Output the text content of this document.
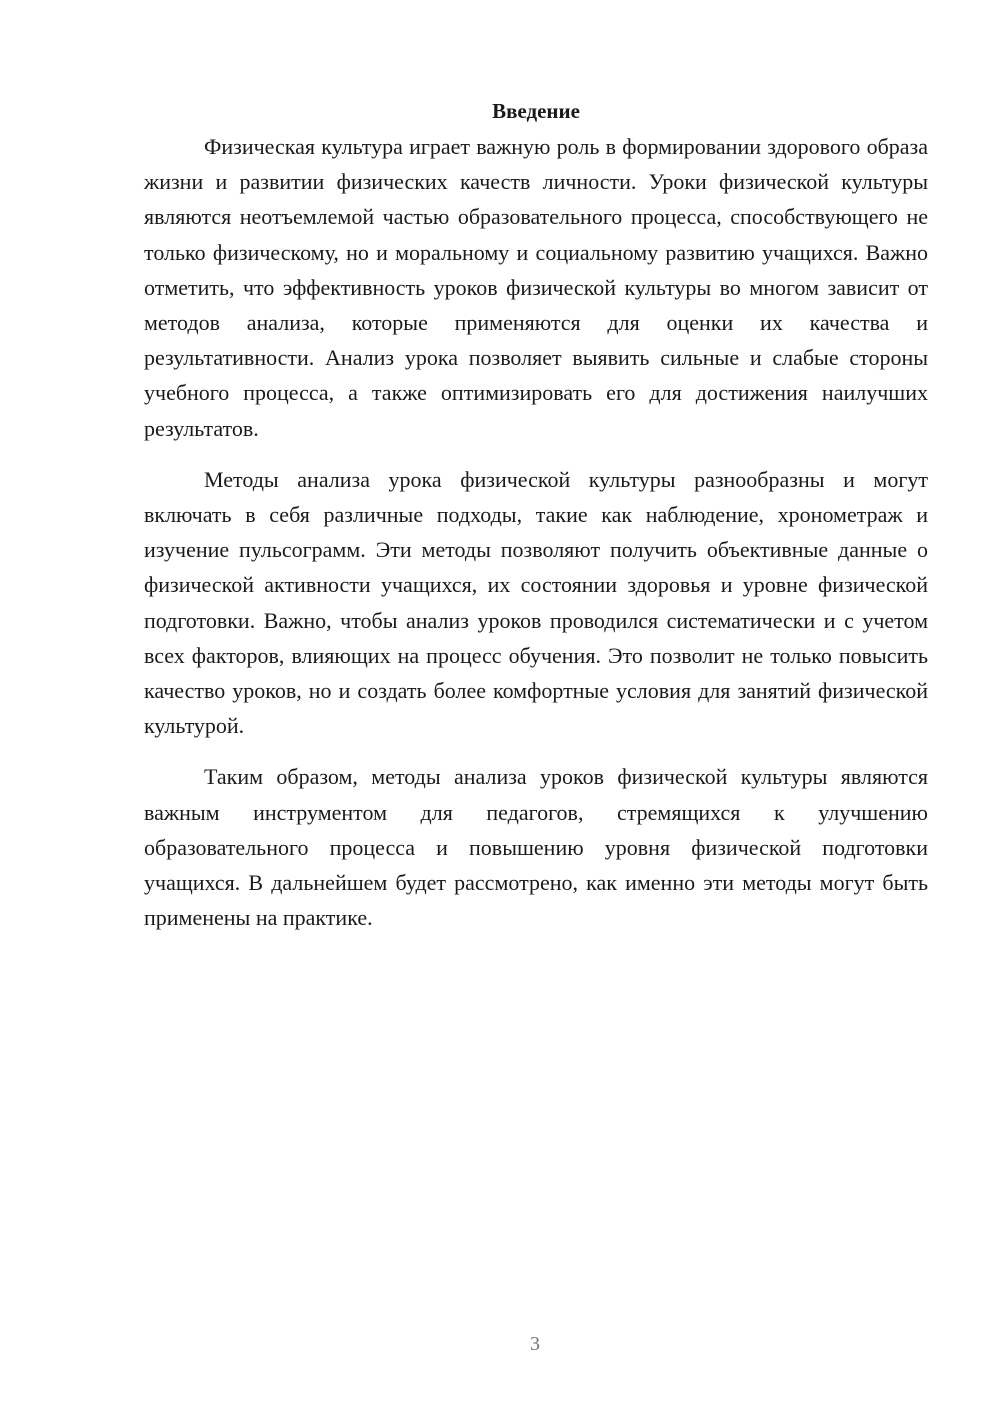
Введение

Физическая культура играет важную роль в формировании здорового образа жизни и развитии физических качеств личности. Уроки физической культуры являются неотъемлемой частью образовательного процесса, способствующего не только физическому, но и моральному и социальному развитию учащихся. Важно отметить, что эффективность уроков физической культуры во многом зависит от методов анализа, которые применяются для оценки их качества и результативности. Анализ урока позволяет выявить сильные и слабые стороны учебного процесса, а также оптимизировать его для достижения наилучших результатов.

Методы анализа урока физической культуры разнообразны и могут включать в себя различные подходы, такие как наблюдение, хронометраж и изучение пульсограмм. Эти методы позволяют получить объективные данные о физической активности учащихся, их состоянии здоровья и уровне физической подготовки. Важно, чтобы анализ уроков проводился систематически и с учетом всех факторов, влияющих на процесс обучения. Это позволит не только повысить качество уроков, но и создать более комфортные условия для занятий физической культурой.

Таким образом, методы анализа уроков физической культуры являются важным инструментом для педагогов, стремящихся к улучшению образовательного процесса и повышению уровня физической подготовки учащихся. В дальнейшем будет рассмотрено, как именно эти методы могут быть применены на практике.

3
